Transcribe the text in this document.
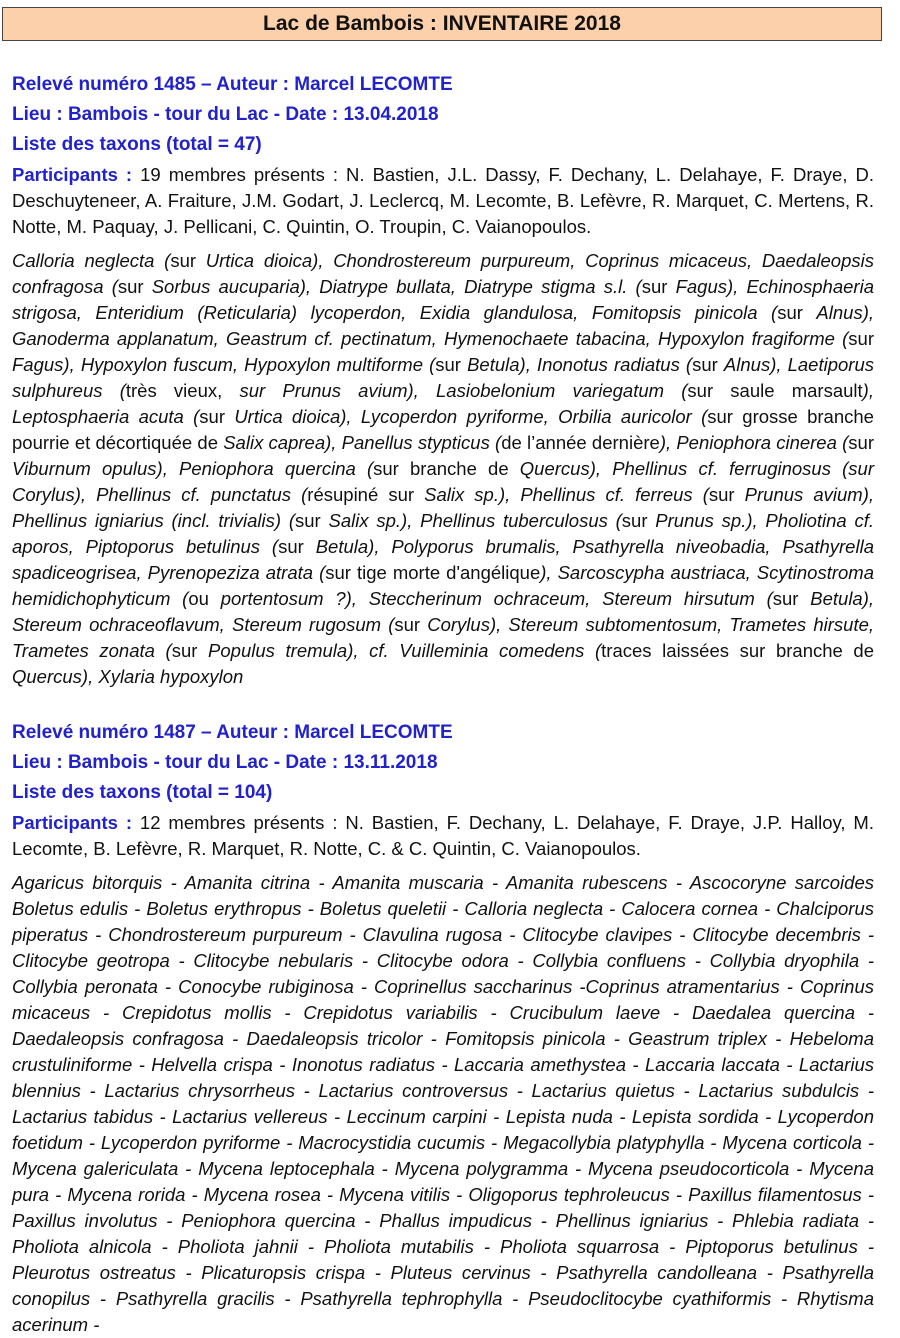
Lac de Bambois : INVENTAIRE 2018
Relevé numéro 1485 – Auteur : Marcel LECOMTE
Lieu : Bambois - tour du Lac - Date : 13.04.2018
Liste des taxons (total = 47)
Participants : 19 membres présents : N. Bastien, J.L. Dassy, F. Dechany, L. Delahaye, F. Draye, D. Deschuyteneer, A. Fraiture, J.M. Godart, J. Leclercq, M. Lecomte, B. Lefèvre, R. Marquet, C. Mertens, R. Notte, M. Paquay, J. Pellicani, C. Quintin, O. Troupin, C. Vaianopoulos.
Calloria neglecta (sur Urtica dioica), Chondrostereum purpureum, Coprinus micaceus, Daedaleopsis confragosa (sur Sorbus aucuparia), Diatrype bullata, Diatrype stigma s.l. (sur Fagus), Echinosphaeria strigosa, Enteridium (Reticularia) lycoperdon, Exidia glandulosa, Fomitopsis pinicola (sur Alnus), Ganoderma applanatum, Geastrum cf. pectinatum, Hymenochaete tabacina, Hypoxylon fragiforme (sur Fagus), Hypoxylon fuscum, Hypoxylon multiforme (sur Betula), Inonotus radiatus (sur Alnus), Laetiporus sulphureus (très vieux, sur Prunus avium), Lasiobelonium variegatum (sur saule marsault), Leptosphaeria acuta (sur Urtica dioica), Lycoperdon pyriforme, Orbilia auricolor (sur grosse branche pourrie et décortiquée de Salix caprea), Panellus stypticus (de l’année dernière), Peniophora cinerea (sur Viburnum opulus), Peniophora quercina (sur branche de Quercus), Phellinus cf. ferruginosus (sur Corylus), Phellinus cf. punctatus (résupiné sur Salix sp.), Phellinus cf. ferreus (sur Prunus avium), Phellinus igniarius (incl. trivialis) (sur Salix sp.), Phellinus tuberculosus (sur Prunus sp.), Pholiotina cf. aporos, Piptoporus betulinus (sur Betula), Polyporus brumalis, Psathyrella niveobadia, Psathyrella spadiceogrisea, Pyrenopeziza atrata (sur tige morte d'angélique), Sarcoscypha austriaca, Scytinostroma hemidichophyticum (ou portentosum ?), Steccherinum ochraceum, Stereum hirsutum (sur Betula), Stereum ochraceoflavum, Stereum rugosum (sur Corylus), Stereum subtomentosum, Trametes hirsute, Trametes zonata (sur Populus tremula), cf. Vuilleminia comedens (traces laissées sur branche de Quercus), Xylaria hypoxylon
Relevé numéro 1487 – Auteur : Marcel LECOMTE
Lieu : Bambois - tour du Lac - Date : 13.11.2018
Liste des taxons (total = 104)
Participants : 12 membres présents : N. Bastien, F. Dechany, L. Delahaye, F. Draye, J.P. Halloy, M. Lecomte, B. Lefèvre, R. Marquet, R. Notte, C. & C. Quintin, C. Vaianopoulos.
Agaricus bitorquis - Amanita citrina - Amanita muscaria - Amanita rubescens - Ascocoryne sarcoides Boletus edulis - Boletus erythropus - Boletus queletii - Calloria neglecta - Calocera cornea - Chalciporus piperatus - Chondrostereum purpureum - Clavulina rugosa - Clitocybe clavipes - Clitocybe decembris - Clitocybe geotropa - Clitocybe nebularis - Clitocybe odora - Collybia confluens - Collybia dryophila - Collybia peronata - Conocybe rubiginosa - Coprinellus saccharinus -Coprinus atramentarius - Coprinus micaceus - Crepidotus mollis - Crepidotus variabilis - Crucibulum laeve - Daedalea quercina - Daedaleopsis confragosa - Daedaleopsis tricolor - Fomitopsis pinicola - Geastrum triplex - Hebeloma crustuliniforme - Helvella crispa - Inonotus radiatus - Laccaria amethystea - Laccaria laccata - Lactarius blennius - Lactarius chrysorrheus - Lactarius controversus - Lactarius quietus - Lactarius subdulcis - Lactarius tabidus - Lactarius vellereus - Leccinum carpini - Lepista nuda - Lepista sordida - Lycoperdon foetidum - Lycoperdon pyriforme - Macrocystidia cucumis - Megacollybia platyphylla - Mycena corticola - Mycena galericulata - Mycena leptocephala - Mycena polygramma - Mycena pseudocorticola - Mycena pura - Mycena rorida - Mycena rosea - Mycena vitilis - Oligoporus tephroleucus - Paxillus filamentosus - Paxillus involutus - Peniophora quercina - Phallus impudicus - Phellinus igniarius - Phlebia radiata - Pholiota alnicola - Pholiota jahnii - Pholiota mutabilis - Pholiota squarrosa - Piptoporus betulinus - Pleurotus ostreatus - Plicaturopsis crispa - Pluteus cervinus - Psathyrella candolleana - Psathyrella conopilus - Psathyrella gracilis - Psathyrella tephrophylla - Pseudoclitocybe cyathiformis - Rhytisma acerinum -
